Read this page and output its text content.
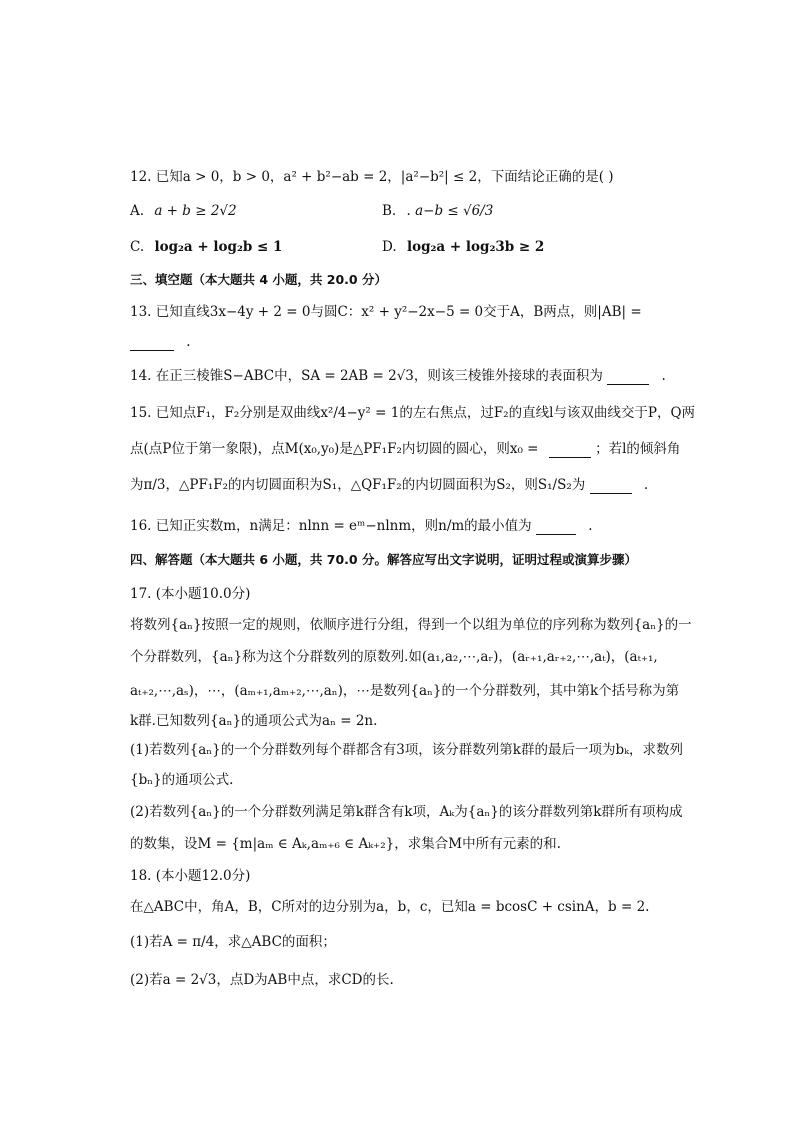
12. 已知a > 0，b > 0，a² + b²−ab = 2，|a²−b²| ≤ 2，下面结论正确的是( )
A. a + b ≥ 2√2	B. . a−b ≤ √6/3
C. log₂a + log₂b ≤ 1	D. log₂a + log₂3b ≥ 2
三、填空题（本大题共 4 小题，共 20.0 分）
13. 已知直线3x−4y + 2 = 0与圆C：x² + y²−2x−5 = 0交于A，B两点，则|AB| =
.
14. 在正三棱锥S−ABC中，SA = 2AB = 2√3，则该三棱锥外接球的表面积为	.
15. 已知点F₁，F₂分别是双曲线x²/4−y² = 1的左右焦点，过F₂的直线l与该双曲线交于P，Q两
点(点P位于第一象限)，点M(x₀,y₀)是△PF₁F₂内切圆的圆心，则x₀ =	；若l的倾斜角
为π/3，△PF₁F₂的内切圆面积为S₁，△QF₁F₂的内切圆面积为S₂，则S₁/S₂为	.
16. 已知正实数m，n满足：nlnn = eᵐ−nlnm，则n/m的最小值为	.
四、解答题（本大题共 6 小题，共 70.0 分。解答应写出文字说明，证明过程或演算步骤）
17. (本小题10.0分)
将数列{aₙ}按照一定的规则，依顺序进行分组，得到一个以组为单位的序列称为数列{aₙ}的一
个分群数列，{aₙ}称为这个分群数列的原数列.如(a₁,a₂,⋯,aᵣ)，(aᵣ₊₁,aᵣ₊₂,⋯,aₜ)，(aₜ₊₁,
aₜ₊₂,⋯,aₛ)，⋯，(aₘ₊₁,aₘ₊₂,⋯,aₙ)，⋯是数列{aₙ}的一个分群数列，其中第k个括号称为第
k群.已知数列{aₙ}的通项公式为aₙ = 2n.
(1)若数列{aₙ}的一个分群数列每个群都含有3项，该分群数列第k群的最后一项为bₖ，求数列
{bₙ}的通项公式.
(2)若数列{aₙ}的一个分群数列满足第k群含有k项，Aₖ为{aₙ}的该分群数列第k群所有项构成
的数集，设M = {m|aₘ ∈ Aₖ,aₘ₊₆ ∈ Aₖ₊₂}，求集合M中所有元素的和.
18. (本小题12.0分)
在△ABC中，角A，B，C所对的边分别为a，b，c，已知a = bcosC + csinA，b = 2.
(1)若A = π/4，求△ABC的面积；
(2)若a = 2√3，点D为AB中点，求CD的长.
